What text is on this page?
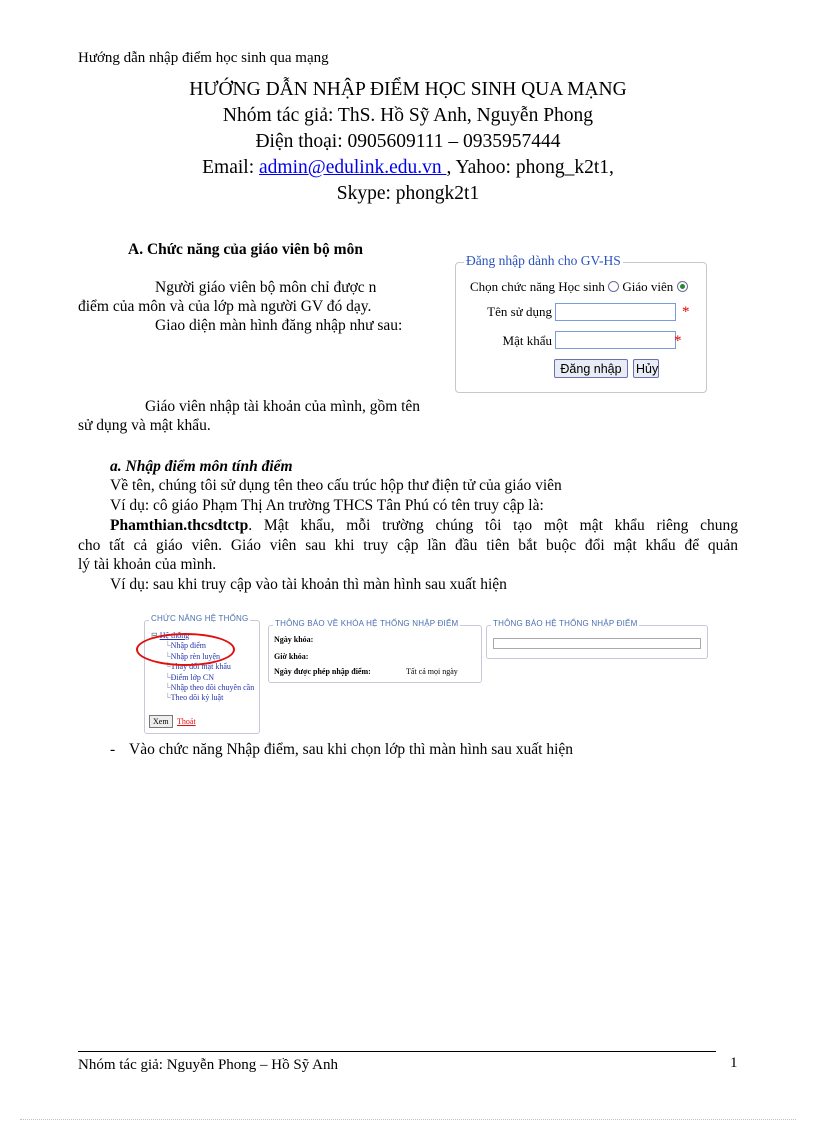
Hướng dẫn nhập điểm học sinh qua mạng
HƯỚNG DẪN NHẬP ĐIỂM HỌC SINH QUA MẠNG
Nhóm tác giả: ThS. Hồ Sỹ Anh, Nguyễn Phong
Điện thoại: 0905609111 – 0935957444
Email: admin@edulink.edu.vn , Yahoo: phong_k2t1,
Skype: phongk2t1
A. Chức năng của giáo viên bộ môn
Người giáo viên bộ môn chỉ được n
điểm của môn và của lớp mà người GV đó dạy.
Giao diện màn hình đăng nhập như sau:
Giáo viên nhập tài khoản của mình, gồm tên
sử dụng và mật khẩu.
Đăng nhập dành cho GV-HS
Chọn chức năng Học sinh Giáo viên
Tên sử dụng	*
Mật khẩu	*
Đăng nhập	Hủy
a. Nhập điểm môn tính điểm
Về tên, chúng tôi sử dụng tên theo cấu trúc hộp thư điện tử của giáo viên
Ví dụ: cô giáo Phạm Thị An trường THCS Tân Phú có tên truy cập là:
Phamthian.thcsdtctp. Mật khẩu, mỗi trường chúng tôi tạo một mật khẩu riêng chung
cho tất cả giáo viên. Giáo viên sau khi truy cập lần đầu tiên bắt buộc đổi mật khẩu để quản
lý tài khoản của mình.
Ví dụ: sau khi truy cập vào tài khoản thì màn hình sau xuất hiện
CHỨC NĂNG HỆ THỐNG
⊟ Hệ thống
└Nhập điểm
└Nhập rèn luyện
└Thay đổi mật khẩu
└Điểm lớp CN
└Nhập theo dõi chuyên cần
└Theo dõi kỷ luật
Xem	Thoát
THÔNG BÁO VỀ KHÓA HỆ THỐNG NHẬP ĐIỂM
Ngày khóa:
Giờ khóa:
Ngày được phép nhập điểm:	Tất cả mọi ngày
THÔNG BÁO HỆ THỐNG NHẬP ĐIỂM
- Vào chức năng Nhập điểm, sau khi chọn lớp thì màn hình sau xuất hiện
Nhóm tác giả: Nguyễn Phong – Hồ Sỹ Anh	1
